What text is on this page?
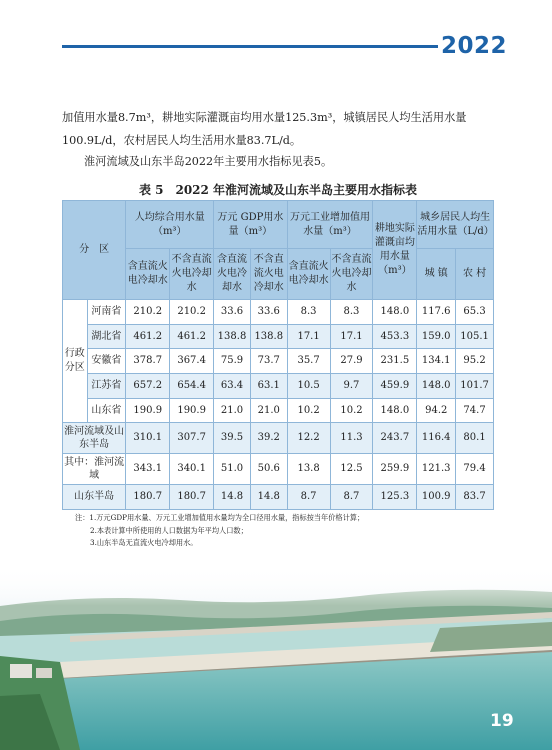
2022
加值用水量8.7m³，耕地实际灌溉亩均用水量125.3m³，城镇居民人均生活用水量100.9L/d，农村居民人均生活用水量83.7L/d。
淮河流域及山东半岛2022年主要用水指标见表5。
表 5　2022 年淮河流域及山东半岛主要用水指标表
分　区		人均综合用水量（m³）		万元 GDP用水量（m³）		万元工业增加值用水量（m³）		耕地实际灌溉亩均用水量（m³）	城乡居民人均生活用水量（L/d）	
		含直流火电冷却水	不含直流火电冷却水	含直流火电冷却水	不含直流火电冷却水	含直流火电冷却水	不含直流火电冷却水		城 镇	农 村
行政分区	河南省	210.2	210.2	33.6	33.6	8.3	8.3	148.0	117.6	65.3
	湖北省	461.2	461.2	138.8	138.8	17.1	17.1	453.3	159.0	105.1
	安徽省	378.7	367.4	75.9	73.7	35.7	27.9	231.5	134.1	95.2
	江苏省	657.2	654.4	63.4	63.1	10.5	9.7	459.9	148.0	101.7
	山东省	190.9	190.9	21.0	21.0	10.2	10.2	148.0	94.2	74.7
淮河流域及山东半岛		310.1	307.7	39.5	39.2	12.2	11.3	243.7	116.4	80.1
其中：淮河流域		343.1	340.1	51.0	50.6	13.8	12.5	259.9	121.3	79.4
山东半岛		180.7	180.7	14.8	14.8	8.7	8.7	125.3	100.9	83.7
注：1.万元GDP用水量、万元工业增加值用水量均为全口径用水量，指标按当年价格计算；
2.本表计算中所使用的人口数据为年平均人口数；
3.山东半岛无直流火电冷却用水。
19
